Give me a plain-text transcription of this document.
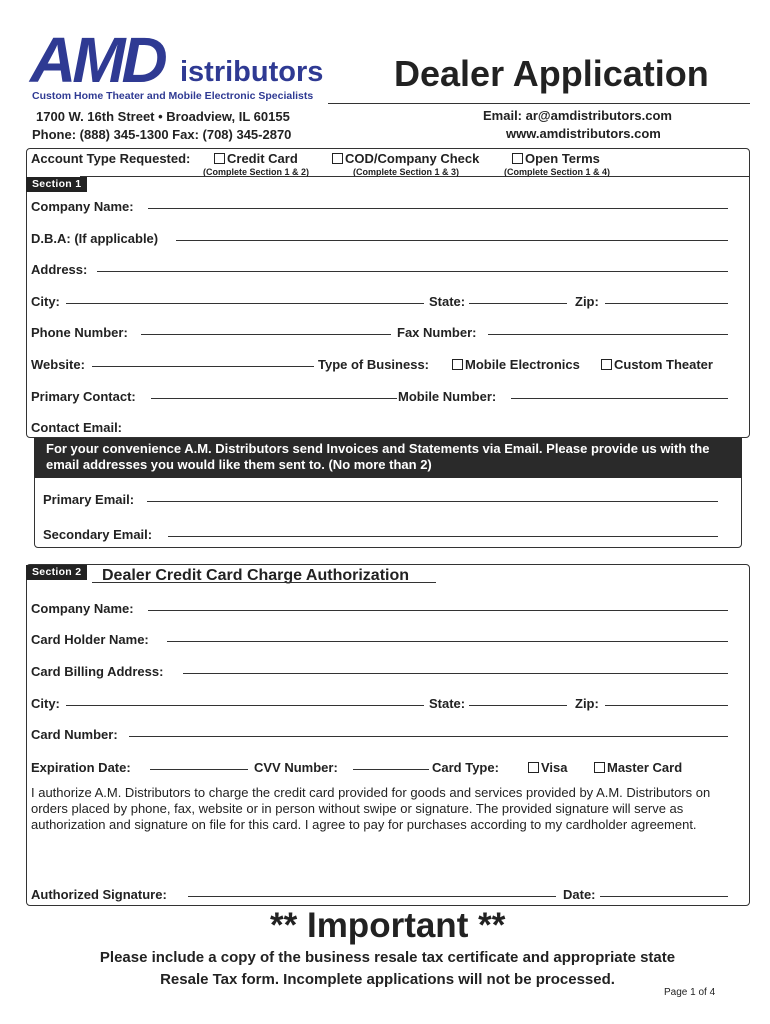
AMD istributors
Custom Home Theater and Mobile Electronic Specialists
Dealer Application
1700 W. 16th Street • Broadview, IL 60155
Phone: (888) 345-1300 Fax: (708) 345-2870
Email: ar@amdistributors.com
www.amdistributors.com
Account Type Requested:	Credit Card
(Complete Section 1 & 2)
COD/Company Check
(Complete Section 1 & 3)
Open Terms
(Complete Section 1 & 4)
Section 1
Company Name:
D.B.A: (If applicable)
Address:
City:	State:	Zip:
Phone Number:	Fax Number:
Website:	Type of Business:	Mobile Electronics	Custom Theater
Primary Contact:	Mobile Number:
Contact Email:
For your convenience A.M. Distributors send Invoices and Statements via Email. Please provide us with the email addresses you would like them sent to. (No more than 2)
Primary Email:
Secondary Email:
Section 2	Dealer Credit Card Charge Authorization
Company Name:
Card Holder Name:
Card Billing Address:
City:	State:	Zip:
Card Number:
Expiration Date:	CVV Number:	Card Type:	Visa	Master Card
I authorize A.M. Distributors to charge the credit card provided for goods and services provided by A.M. Distributors on orders placed by phone, fax, website or in person without swipe or signature. The provided signature will serve as authorization and signature on file for this card. I agree to pay for purchases according to my cardholder agreement.
Authorized Signature:	Date:
** Important **
Please include a copy of the business resale tax certificate and appropriate state
Resale Tax form. Incomplete applications will not be processed.
Page 1 of 4
